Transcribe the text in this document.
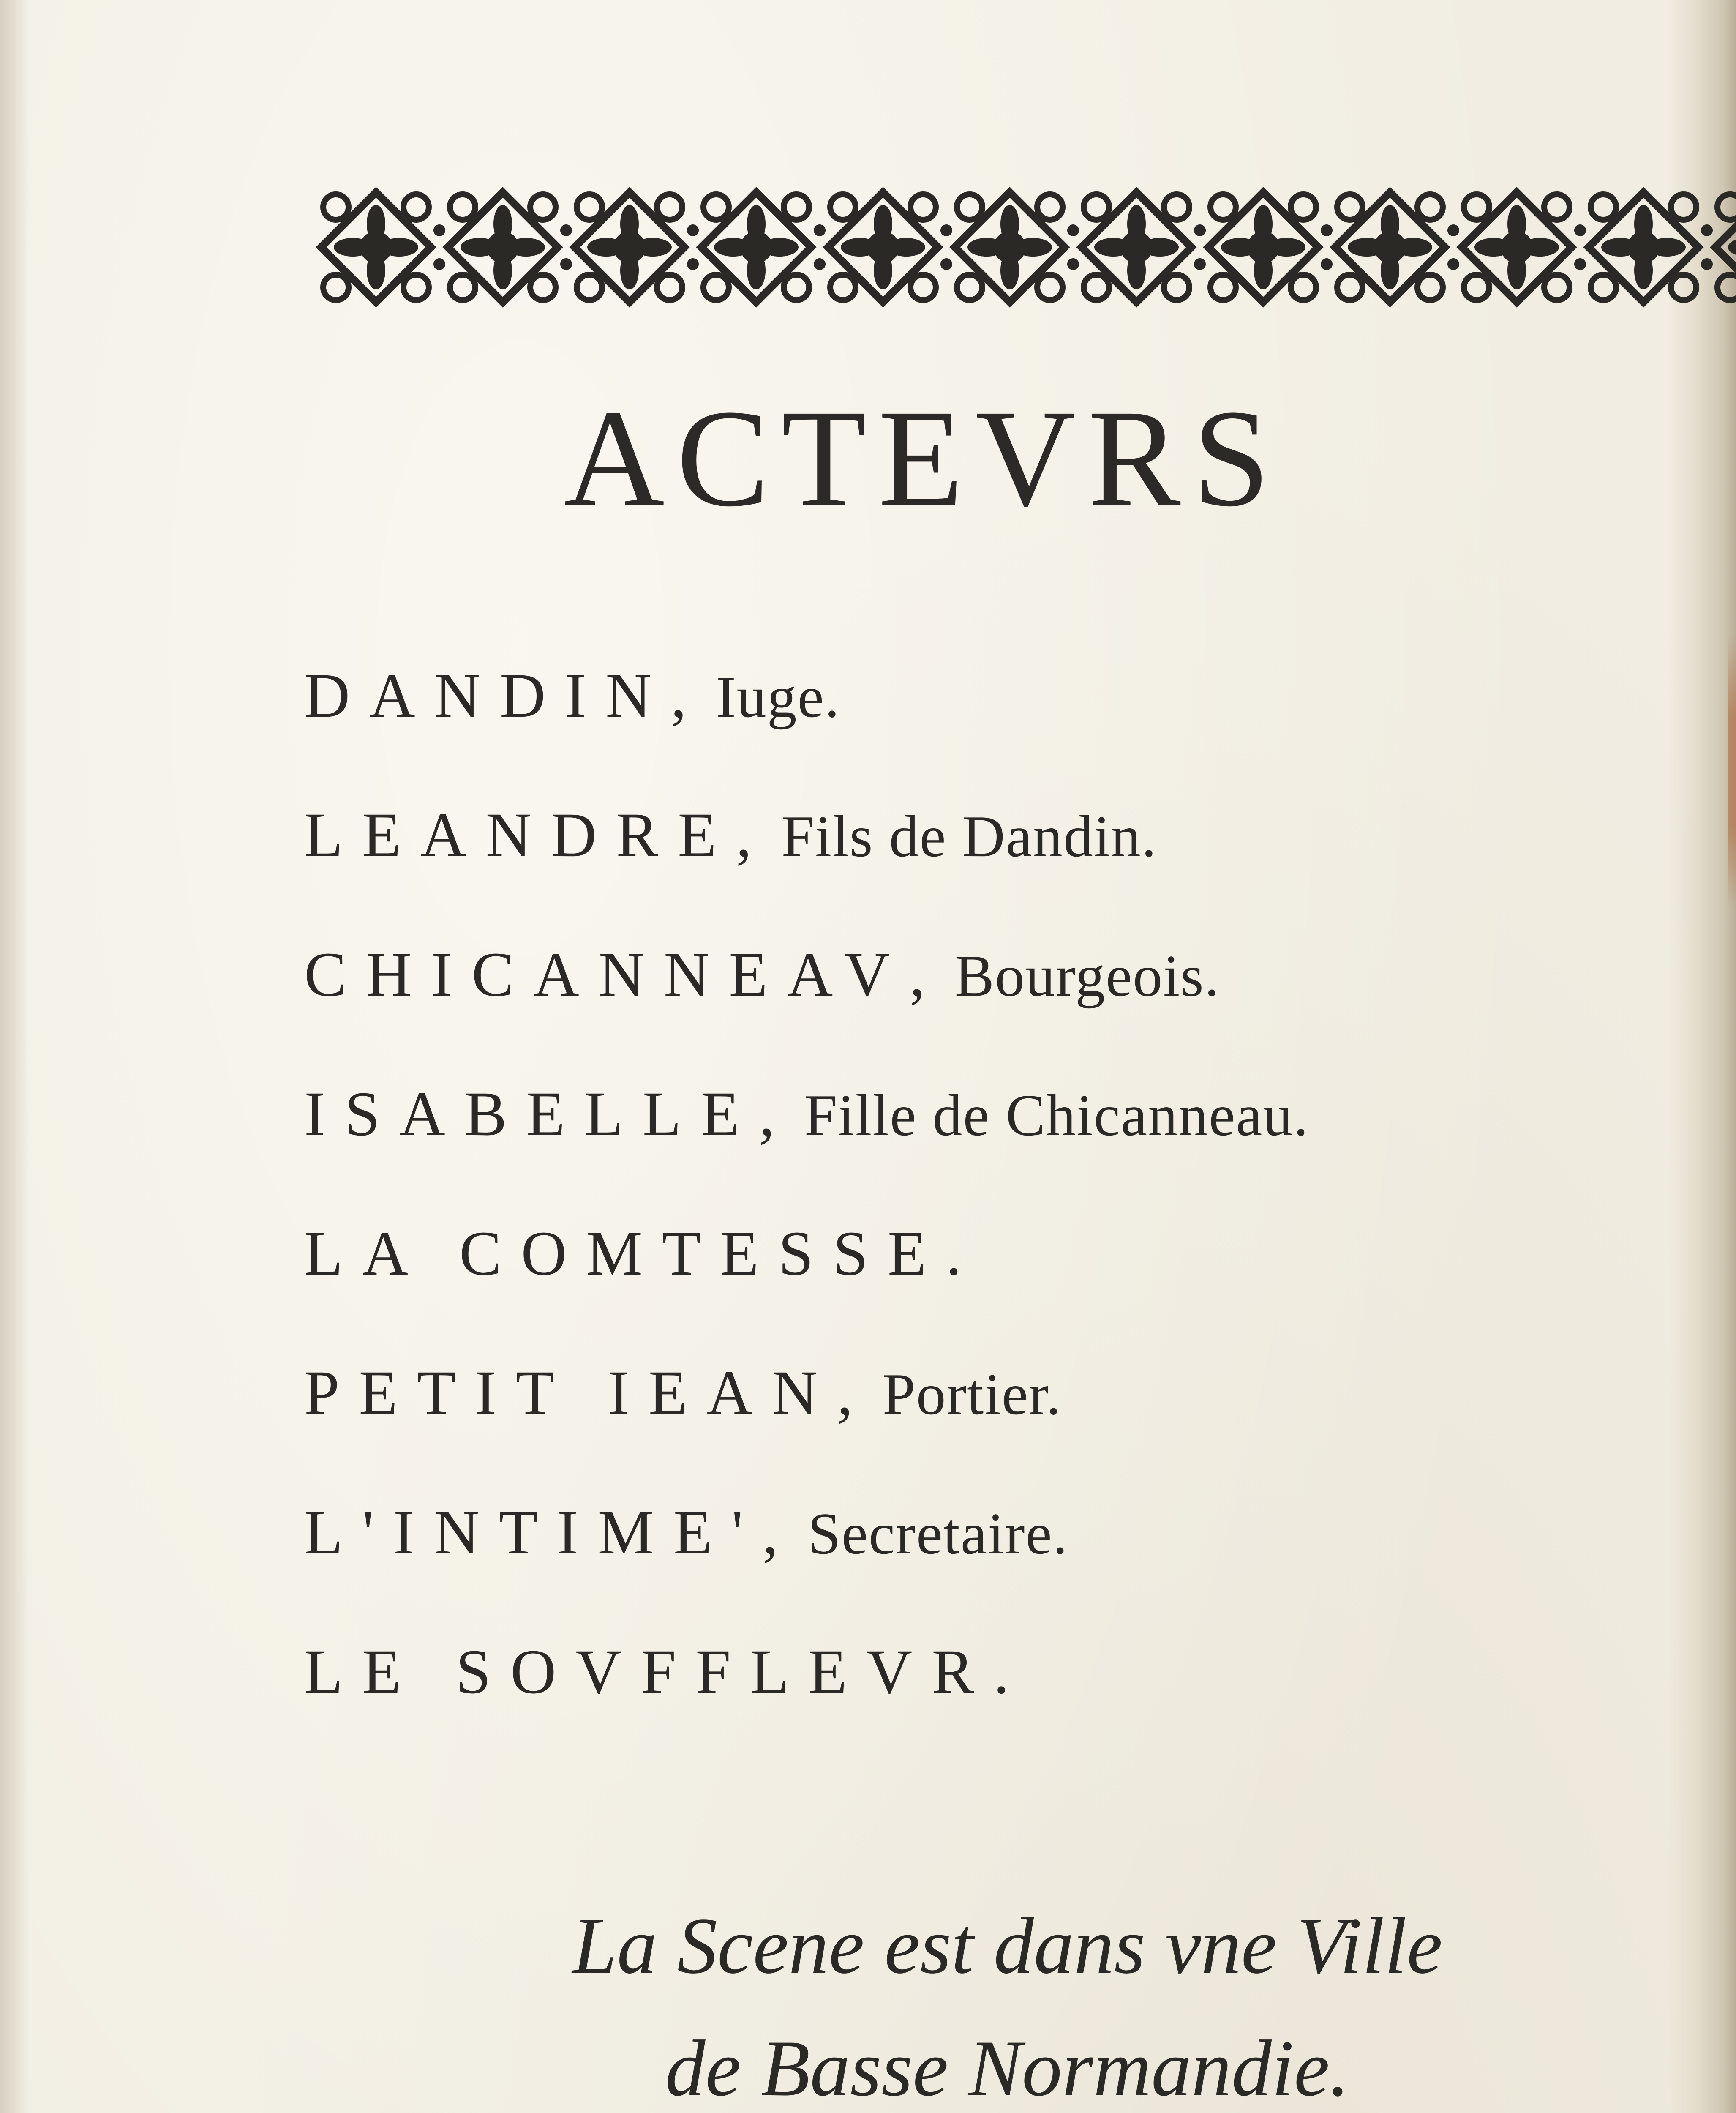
ACTEVRS
DANDIN , Iuge.
LEANDRE , Fils de Dandin.
CHICANNEAV , Bourgeois.
ISABELLE , Fille de Chicanneau.
LA COMTESSE.
PETIT IEAN , Portier.
L'INTIME' , Secretaire.
LE SOVFFLEVR.
La Scene est dans vne Ville
de Basse Normandie.
